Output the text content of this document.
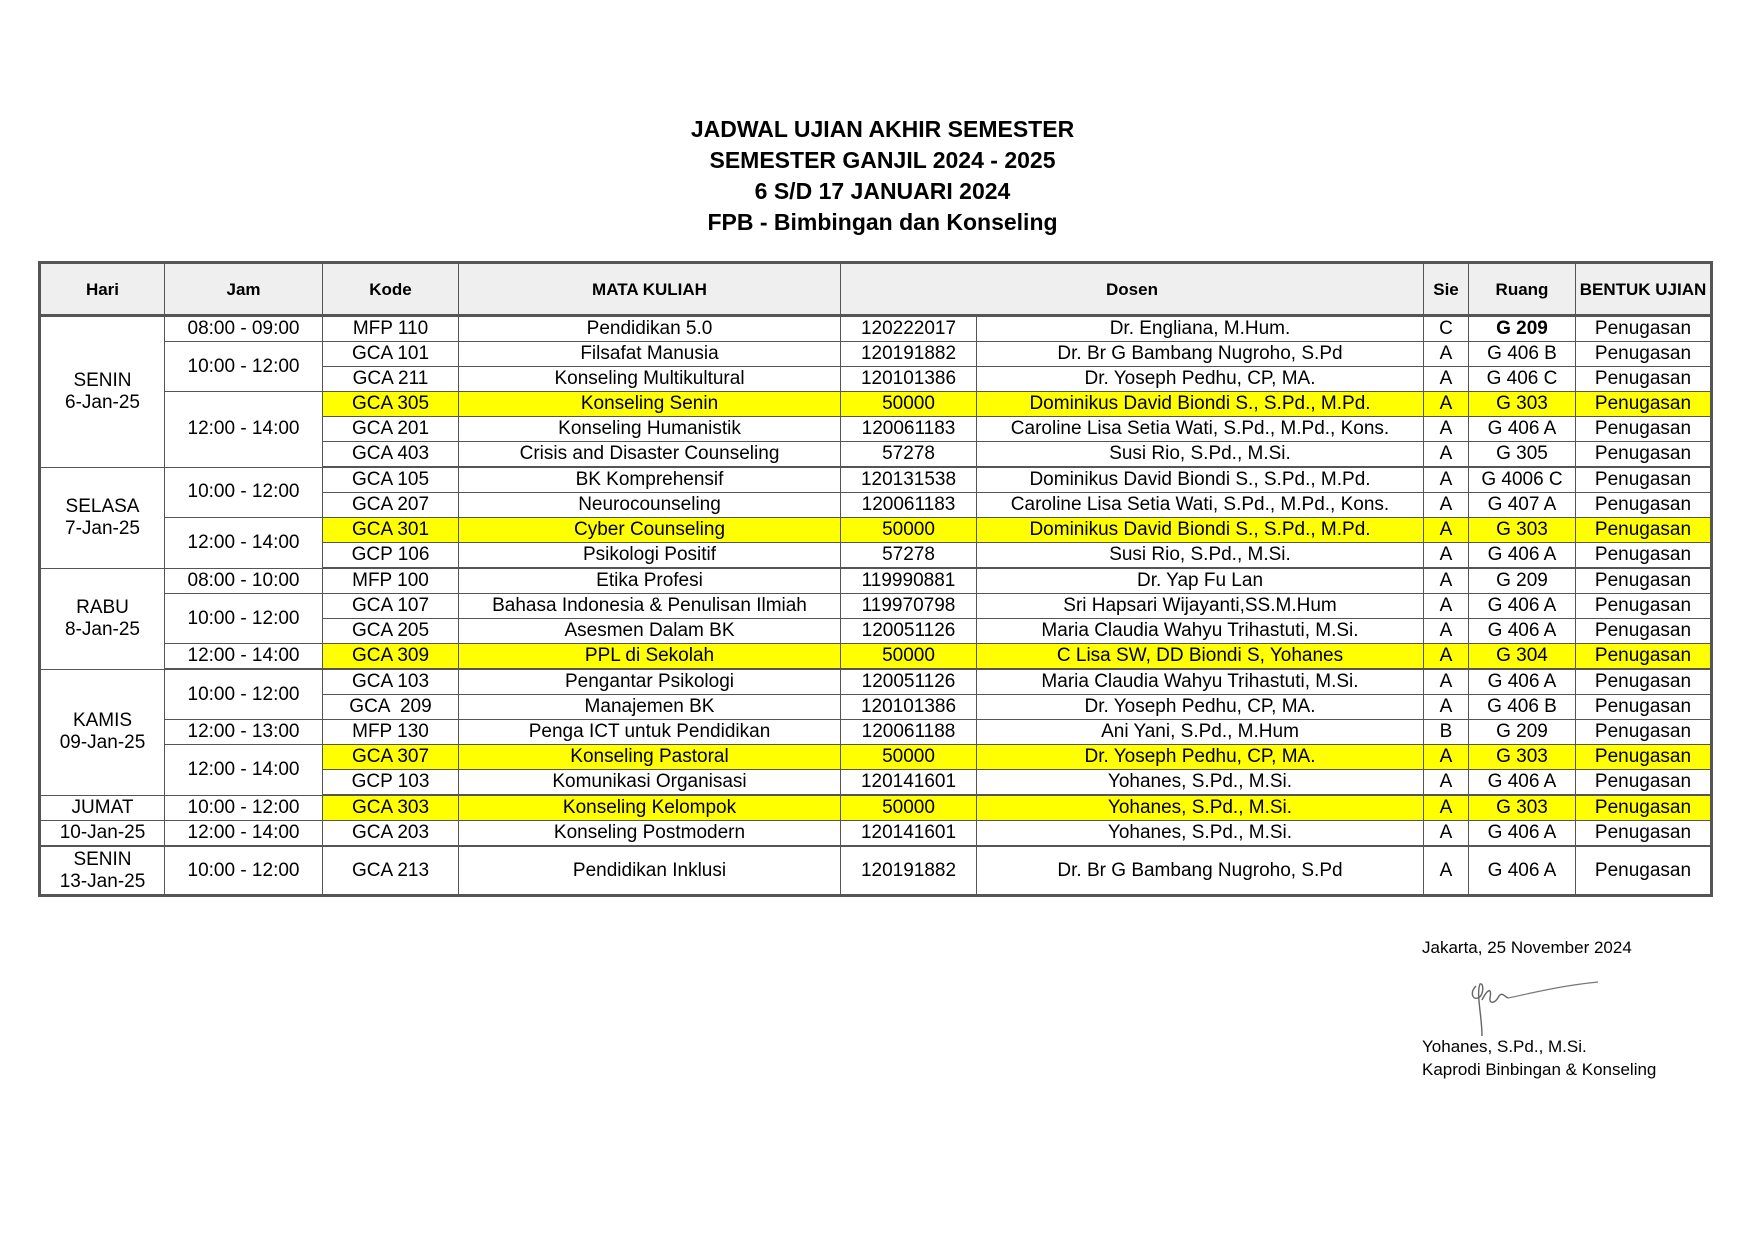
JADWAL UJIAN AKHIR SEMESTER
SEMESTER GANJIL 2024 - 2025
6 S/D 17 JANUARI 2024
FPB - Bimbingan dan Konseling
Hari	Jam	Kode	MATA KULIAH	Dosen		Sie	Ruang	BENTUK UJIAN
SENIN
6-Jan-25	08:00 - 09:00	MFP 110	Pendidikan 5.0	120222017	Dr. Engliana, M.Hum.	C	G 209	Penugasan
	10:00 - 12:00	GCA 101	Filsafat Manusia	120191882	Dr. Br G Bambang Nugroho, S.Pd	A	G 406 B	Penugasan
		GCA 211	Konseling Multikultural	120101386	Dr. Yoseph Pedhu, CP, MA.	A	G 406 C	Penugasan
	12:00 - 14:00	GCA 305	Konseling Senin	50000	Dominikus David Biondi S., S.Pd., M.Pd.	A	G 303	Penugasan
		GCA 201	Konseling Humanistik	120061183	Caroline Lisa Setia Wati, S.Pd., M.Pd., Kons.	A	G 406 A	Penugasan
		GCA 403	Crisis and Disaster Counseling	57278	Susi Rio, S.Pd., M.Si.	A	G 305	Penugasan
SELASA
7-Jan-25	10:00 - 12:00	GCA 105	BK Komprehensif	120131538	Dominikus David Biondi S., S.Pd., M.Pd.	A	G 4006 C	Penugasan
		GCA 207	Neurocounseling	120061183	Caroline Lisa Setia Wati, S.Pd., M.Pd., Kons.	A	G 407 A	Penugasan
	12:00 - 14:00	GCA 301	Cyber Counseling	50000	Dominikus David Biondi S., S.Pd., M.Pd.	A	G 303	Penugasan
		GCP 106	Psikologi Positif	57278	Susi Rio, S.Pd., M.Si.	A	G 406 A	Penugasan
RABU
8-Jan-25	08:00 - 10:00	MFP 100	Etika Profesi	119990881	Dr. Yap Fu Lan	A	G 209	Penugasan
	10:00 - 12:00	GCA 107	Bahasa Indonesia & Penulisan Ilmiah	119970798	Sri Hapsari Wijayanti,SS.M.Hum	A	G 406 A	Penugasan
		GCA 205	Asesmen Dalam BK	120051126	Maria Claudia Wahyu Trihastuti, M.Si.	A	G 406 A	Penugasan
	12:00 - 14:00	GCA 309	PPL di Sekolah	50000	C Lisa SW, DD Biondi S, Yohanes	A	G 304	Penugasan
KAMIS
09-Jan-25	10:00 - 12:00	GCA 103	Pengantar Psikologi	120051126	Maria Claudia Wahyu Trihastuti, M.Si.	A	G 406 A	Penugasan
		GCA  209	Manajemen BK	120101386	Dr. Yoseph Pedhu, CP, MA.	A	G 406 B	Penugasan
	12:00 - 13:00	MFP 130	Penga ICT untuk Pendidikan	120061188	Ani Yani, S.Pd., M.Hum	B	G 209	Penugasan
	12:00 - 14:00	GCA 307	Konseling Pastoral	50000	Dr. Yoseph Pedhu, CP, MA.	A	G 303	Penugasan
		GCP 103	Komunikasi Organisasi	120141601	Yohanes, S.Pd., M.Si.	A	G 406 A	Penugasan
JUMAT	10:00 - 12:00	GCA 303	Konseling Kelompok	50000	Yohanes, S.Pd., M.Si.	A	G 303	Penugasan
10-Jan-25	12:00 - 14:00	GCA 203	Konseling Postmodern	120141601	Yohanes, S.Pd., M.Si.	A	G 406 A	Penugasan
SENIN
13-Jan-25	10:00 - 12:00	GCA 213	Pendidikan Inklusi	120191882	Dr. Br G Bambang Nugroho, S.Pd	A	G 406 A	Penugasan
Jakarta, 25 November 2024
Yohanes, S.Pd., M.Si.
Kaprodi Binbingan & Konseling
